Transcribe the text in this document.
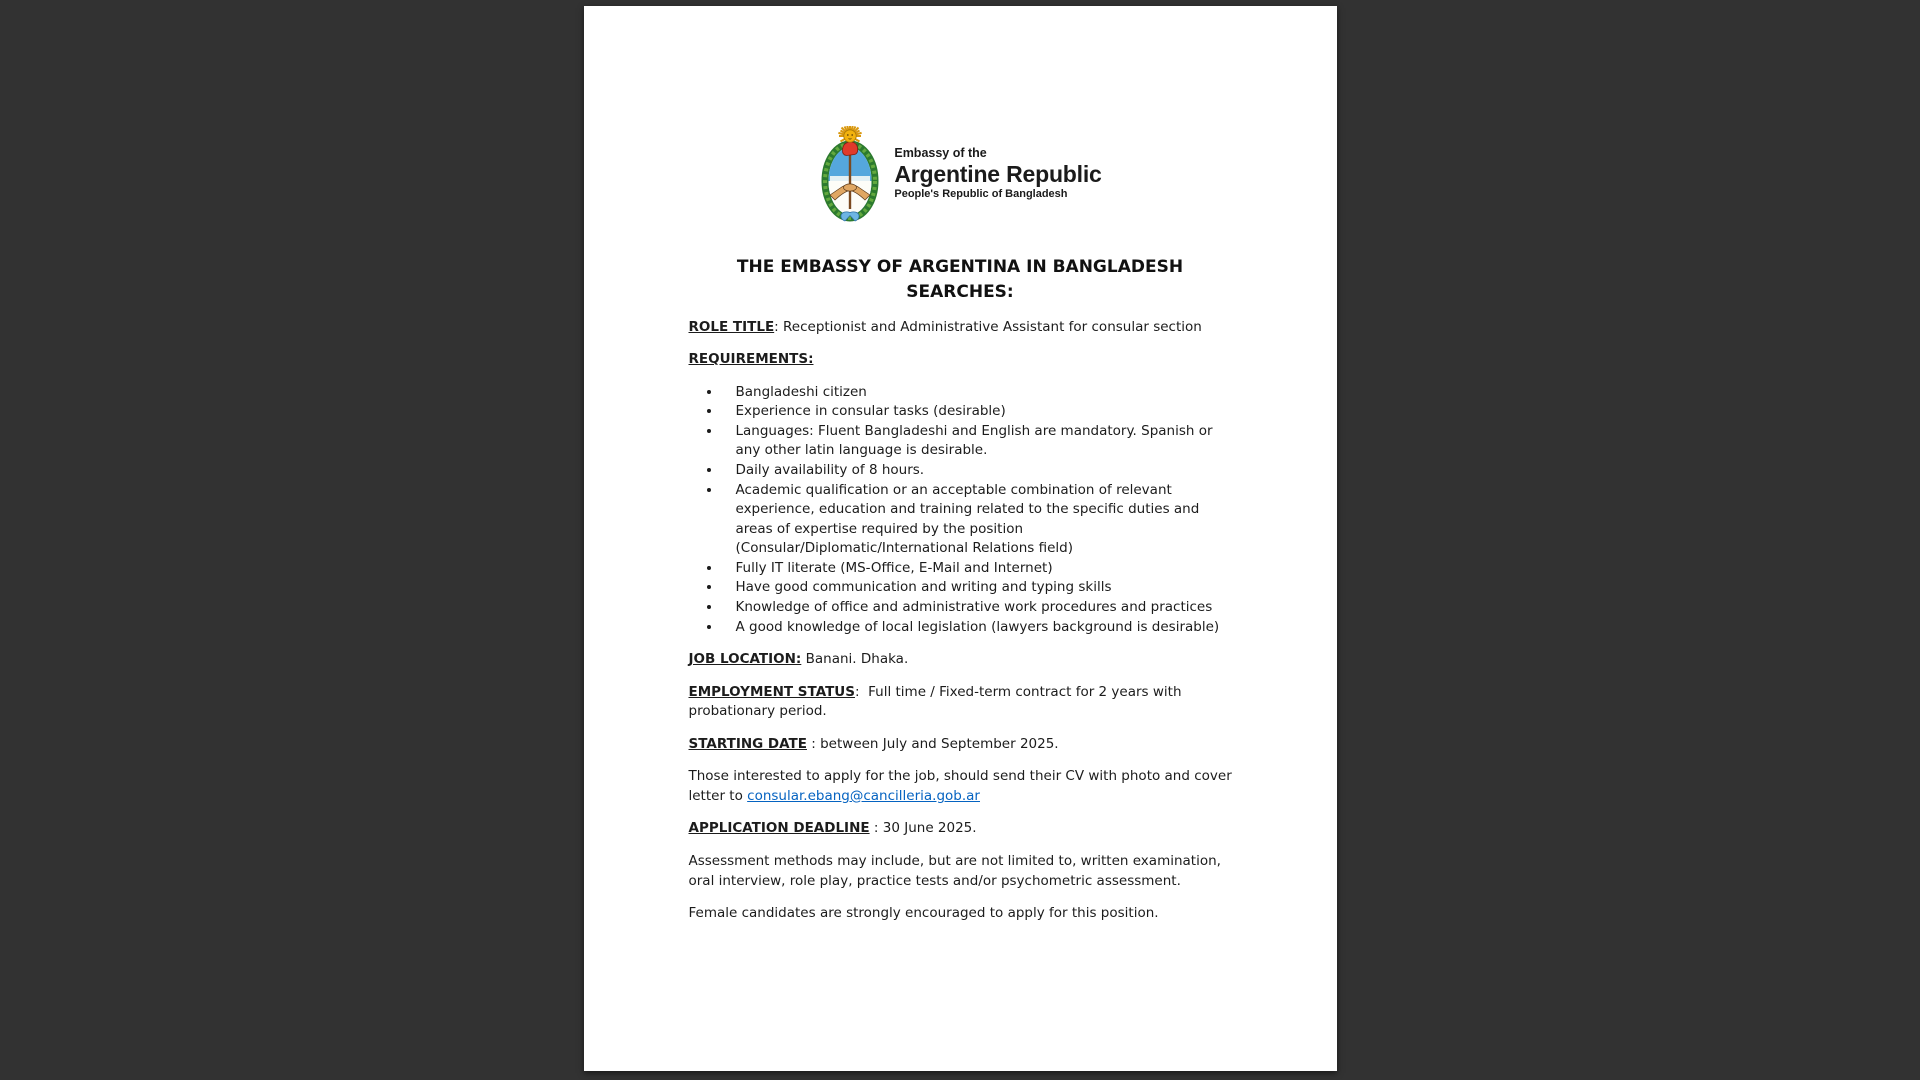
Embassy of the
Argentine Republic
People's Republic of Bangladesh
THE EMBASSY OF ARGENTINA IN BANGLADESH SEARCHES:

ROLE TITLE: Receptionist and Administrative Assistant for consular section

REQUIREMENTS:

• Bangladeshi citizen
• Experience in consular tasks (desirable)
• Languages: Fluent Bangladeshi and English are mandatory. Spanish or any other latin language is desirable.
• Daily availability of 8 hours.
• Academic qualification or an acceptable combination of relevant experience, education and training related to the specific duties and areas of expertise required by the position (Consular/Diplomatic/International Relations field)
• Fully IT literate (MS-Office, E-Mail and Internet)
• Have good communication and writing and typing skills
• Knowledge of office and administrative work procedures and practices
• A good knowledge of local legislation (lawyers background is desirable)

JOB LOCATION: Banani. Dhaka.

EMPLOYMENT STATUS:  Full time / Fixed-term contract for 2 years with probationary period.

STARTING DATE : between July and September 2025.

Those interested to apply for the job, should send their CV with photo and cover letter to consular.ebang@cancilleria.gob.ar

APPLICATION DEADLINE : 30 June 2025.

Assessment methods may include, but are not limited to, written examination, oral interview, role play, practice tests and/or psychometric assessment.

Female candidates are strongly encouraged to apply for this position.
